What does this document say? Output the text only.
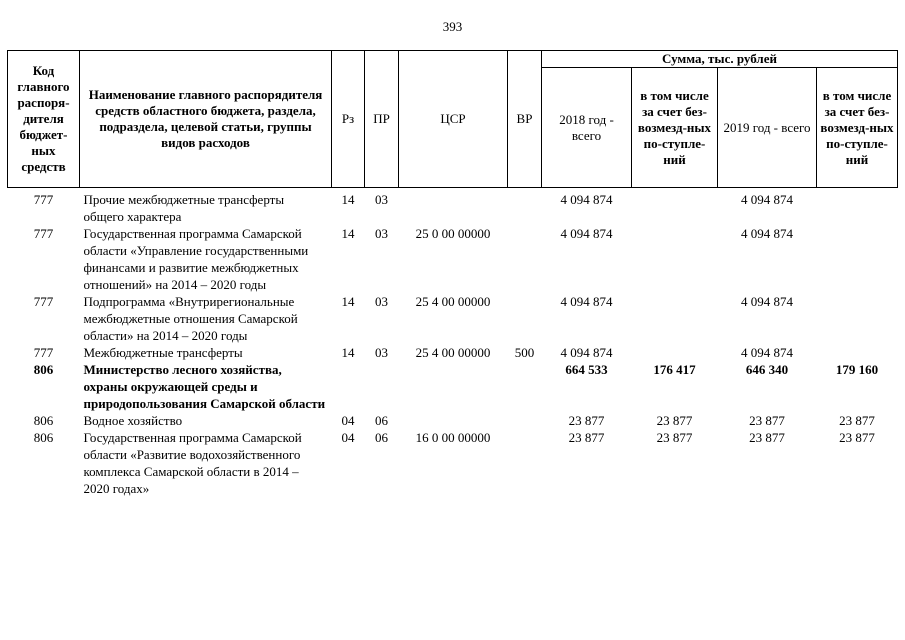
393
Код главного распоря-дителя бюджет-ных средств	Наименование главного распорядителя средств областного бюджета, раздела, подраздела, целевой статьи, группы видов расходов	Рз	ПР	ЦСР	ВР	Сумма, тыс. рублей			
						2018 год - всего	в том числе за счет без-возмезд-ных по-ступле-ний	2019 год - всего	в том числе за счет без-возмезд-ных по-ступле-ний
777	Прочие межбюджетные трансферты общего характера	14	03			4 094 874		4 094 874	
777	Государственная программа Самарской области «Управление государственными финансами и развитие межбюджетных отношений» на 2014 – 2020 годы	14	03	25 0 00 00000		4 094 874		4 094 874	
777	Подпрограмма «Внутрирегиональные межбюджетные отношения Самарской области» на 2014 – 2020 годы	14	03	25 4 00 00000		4 094 874		4 094 874	
777	Межбюджетные трансферты	14	03	25 4 00 00000	500	4 094 874		4 094 874	
806	Министерство лесного хозяйства, охраны окружающей среды и природопользования Самарской области					664 533	176 417	646 340	179 160
806	Водное хозяйство	04	06			23 877	23 877	23 877	23 877
806	Государственная программа Самарской области «Развитие водохозяйственного комплекса Самарской области в 2014 – 2020 годах»	04	06	16 0 00 00000		23 877	23 877	23 877	23 877
